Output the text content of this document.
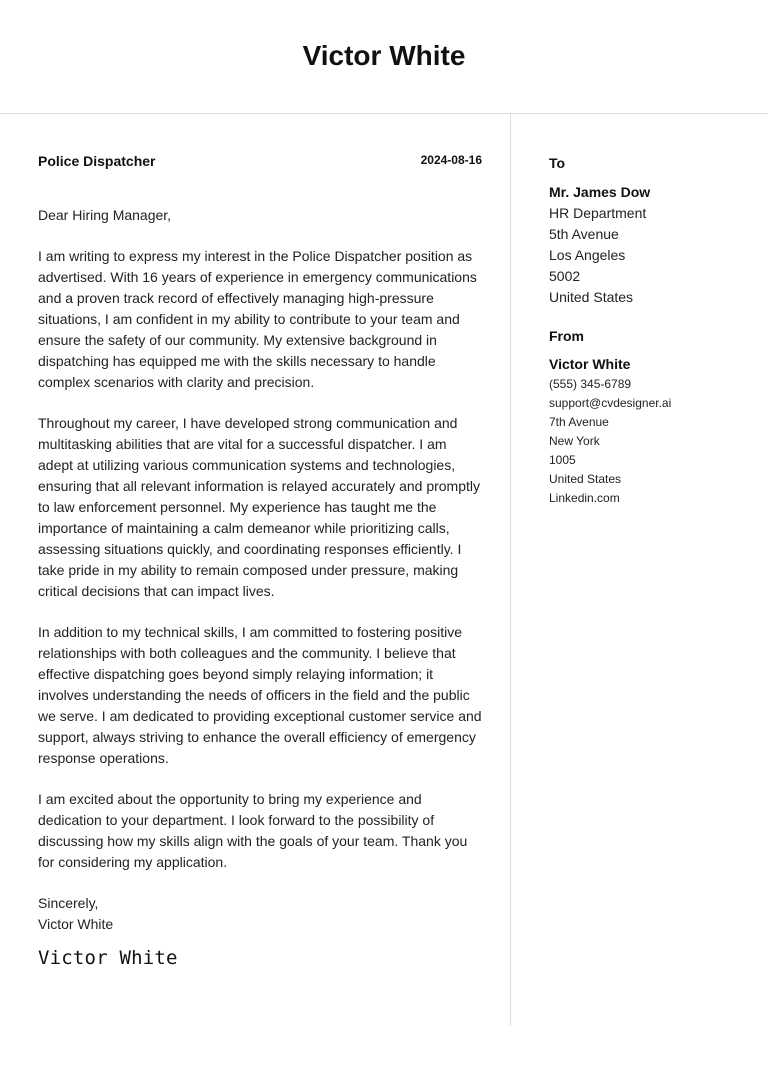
Victor White
Police Dispatcher	2024-08-16
Dear Hiring Manager,
I am writing to express my interest in the Police Dispatcher position as advertised. With 16 years of experience in emergency communications and a proven track record of effectively managing high-pressure situations, I am confident in my ability to contribute to your team and ensure the safety of our community. My extensive background in dispatching has equipped me with the skills necessary to handle complex scenarios with clarity and precision.
Throughout my career, I have developed strong communication and multitasking abilities that are vital for a successful dispatcher. I am adept at utilizing various communication systems and technologies, ensuring that all relevant information is relayed accurately and promptly to law enforcement personnel. My experience has taught me the importance of maintaining a calm demeanor while prioritizing calls, assessing situations quickly, and coordinating responses efficiently. I take pride in my ability to remain composed under pressure, making critical decisions that can impact lives.
In addition to my technical skills, I am committed to fostering positive relationships with both colleagues and the community. I believe that effective dispatching goes beyond simply relaying information; it involves understanding the needs of officers in the field and the public we serve. I am dedicated to providing exceptional customer service and support, always striving to enhance the overall efficiency of emergency response operations.
I am excited about the opportunity to bring my experience and dedication to your department. I look forward to the possibility of discussing how my skills align with the goals of your team. Thank you for considering my application.
Sincerely,
Victor White
Victor White
To
Mr. James Dow
HR Department
5th Avenue
Los Angeles
5002
United States
From
Victor White
(555) 345-6789
support@cvdesigner.ai
7th Avenue
New York
1005
United States
Linkedin.com
